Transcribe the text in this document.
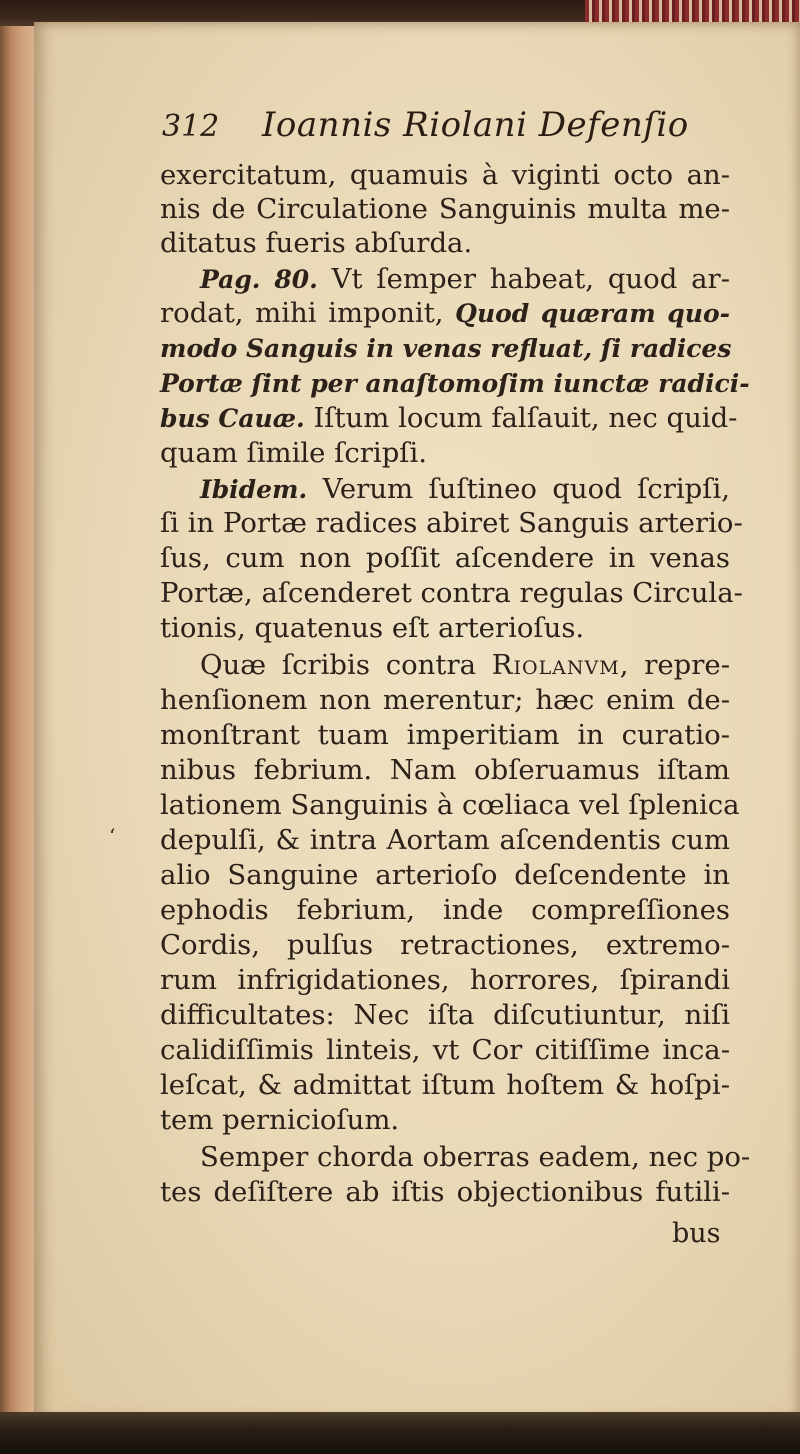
312 Ioannis Riolani Defenſio
exercitatum, quamuis à viginti octo an-
nis de Circulatione Sanguinis multa me-
ditatus fueris abſurda.
Pag. 80. Vt ſemper habeat, quod ar-
rodat, mihi imponit, Quod quæram quo-
modo Sanguis in venas refluat, ſi radices
Portæ ſint per anaſtomoſim iunctæ radici-
bus Cauæ. Iſtum locum falſauit, nec quid-
quam ſimile ſcripſi.
Ibidem. Verum ſuſtineo quod ſcripſi,
ſi in Portæ radices abiret Sanguis arterio-
ſus, cum non poſſit aſcendere in venas
Portæ, aſcenderet contra regulas Circula-
tionis, quatenus eſt arterioſus.
Quæ ſcribis contra Riolanvm, repre-
henſionem non merentur; hæc enim de-
monſtrant tuam imperitiam in curatio-
nibus febrium. Nam obſeruamus iſtam
lationem Sanguinis à cœliaca vel ſplenica
depulſi, & intra Aortam aſcendentis cum
alio Sanguine arterioſo deſcendente in
ephodis febrium, inde compreſſiones
Cordis, pulſus retractiones, extremo-
rum infrigidationes, horrores, ſpirandi
difficultates: Nec iſta diſcutiuntur, niſi
calidiſſimis linteis, vt Cor citiſſime inca-
leſcat, & admittat iſtum hoſtem & hoſpi-
tem pernicioſum.
Semper chorda oberras eadem, nec po-
tes deſiſtere ab iſtis objectionibus futili-
bus
‘
